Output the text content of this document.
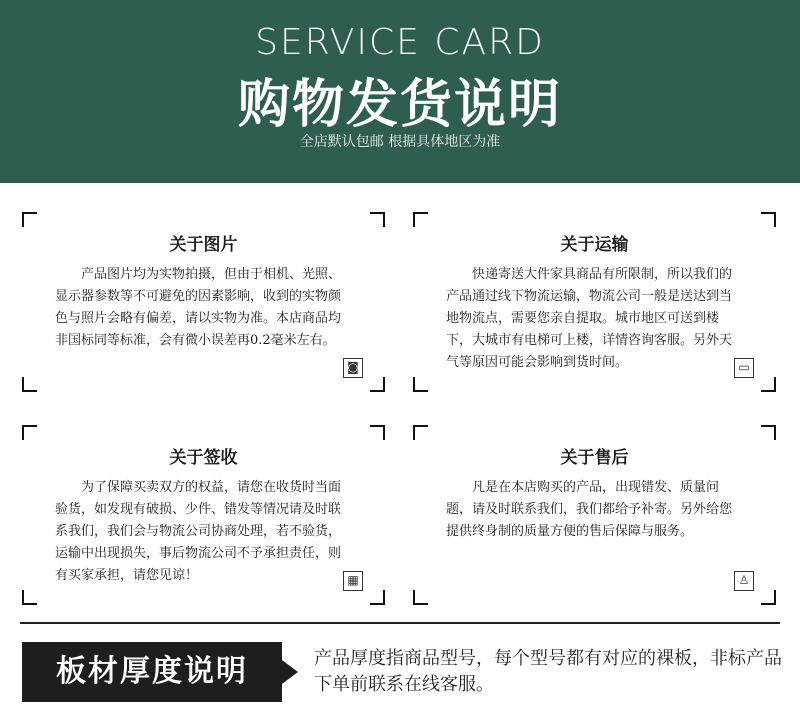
SERVICE CARD
购物发货说明
全店默认包邮 根据具体地区为准
关于图片
产品图片均为实物拍摄，但由于相机、光照、显示器参数等不可避免的因素影响，收到的实物颜色与照片会略有偏差，请以实物为准。本店商品均非国标同等标准，会有微小误差再0.2毫米左右。
◙
关于运输
快递寄送大件家具商品有所限制，所以我们的产品通过线下物流运输，物流公司一般是送达到当地物流点，需要您亲自提取。城市地区可送到楼下，大城市有电梯可上楼，详情咨询客服。另外天气等原因可能会影响到货时间。	▭
关于签收
为了保障买卖双方的权益，请您在收货时当面验货，如发现有破损、少件、错发等情况请及时联系我们，我们会与物流公司协商处理，若不验货，运输中出现损失，事后物流公司不予承担责任，则有买家承担，请您见谅！	▦
关于售后
凡是在本店购买的产品，出现错发、质量问题，请及时联系我们，我们都给予补寄。另外给您提供终身制的质量方便的售后保障与服务。
♙
板材厚度说明	产品厚度指商品型号，每个型号都有对应的裸板，非标产品下单前联系在线客服。
